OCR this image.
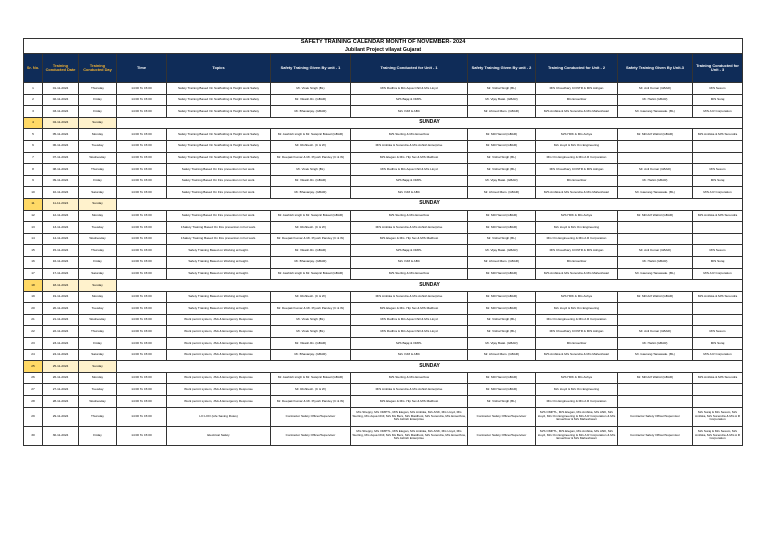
SAFETY TRAINING CALENDAR MONTH OF NOVEMBER- 2024										
Jubilant Project vilayat Gujarat										
Sr. No.	Training Conducted Date	Training Conducted Day	Time	Topics	Safety Training Given By unit - 1	Training Conducted for Unit - 1	Safety Training Given By unit - 2	Training Conducted for Unit - 2	Safety Training Given By Unit-3	Training Conducted for Unit - 3
1	01-11-2024	Thursday	14:00 To 15:00	Safety Training Based On Scaffolding & Height work Safety	Mr. Vivek Singh (BL)	M/S Rudhra & M/s Aqua Chill & M/s Lloyd	Mr. Vishal Singh (BL)	M/S Choudhary CONTR & M/S Ashgan	Mr. Anil Kumar (GBAR)	M/S Sesum
2	02-11-2024	Friday	14:00 To 15:00	Safety Training Based On Scaffolding & Height work Safety	Mr. Vikash.Rv. (GBAR)	M/S Bajaj & OMPL	Mr. Vijay Batal. (GBAR)	M/s Ensertfow	Mr. Harkit (GBAR)	M/S Suraj
3	03-11-2024	Friday	14:00 To 15:00	Safety Training Based On Scaffolding & Height work Safety	Mr. Bhavanjay. (GBAR)	M/s VJM & ABC	Mr. Ahmed Mam. (GBAR)	M/S Ambika & M/s Surendra & M/s Maheshwari	Mr. Gaurang Tanawade. (BL)	M/S A R Corporation
4	04-11-2024	Sunday	SUNDAY							
5	05-11-2024	Monday	14:00 To 15:00	Safety Training Based On Scaffolding & Height work Safety	Mr. Aashish singh & Mr. Swapnil Bokad (GBAR)	M/S Sterling & M/s Ensertfow	Mr. Mill Hamid (GBAR)	M/S HRK & M/s Ashya	Mr. Mill Arif Wahid (GBAR)	M/S Ambika & M/S Surendra
6	06-11-2024	Tuesday	14:00 To 15:00	Safety Training Based On Scaffolding & Height work Safety	Mr. Rishbesh. (C & W)	M/S Ambika & Surendra & M/s Ashish Enterprise	Mr. Mill Hamid (GBAR)	M/s Lloyd & M/s Om Engineering		
7	07-11-2024	Wednesday	14:00 To 15:00	Safety Training Based On Scaffolding & Height work Safety	Mr. Deepak Kumar & Mr. Piyush Pandey (C & W)	M/S Elegan & M/s. Hip Set & M/S Mailhost	Mr. Vishal Singh (BL)	M/s Om Engineering & M/s A R Corporation		
8	08-11-2024	Thursday	14:00 To 15:00	Safety Training Based On Fire prevention in hot work.	Mr. Vivek Singh (BL)	M/S Rudhra & M/s Aqua Chill & M/s Lloyd	Mr. Vishal Singh (BL)	M/S Choudhary CONTR & M/S Ashgan	Mr. Anil Kumar (GBAR)	M/S Sesum
9	09-11-2024	Friday	14:00 To 15:00	Safety Training Based On Fire prevention in hot work.	Mr. Vikash.Rv. (GBAR)	M/S Bajaj & OMPL	Mr. Vijay Batal. (GBAR)	M/s Ensertfow	Mr. Harkit (GBAR)	M/S Suraj
10	10-11-2024	Saturday	14:00 To 15:00	Safety Training Based On Fire prevention in hot work.	Mr. Bhavanjay. (GBAR)	M/s VJM & ABC	Mr. Ahmed Mam. (GBAR)	M/S Ambika & M/s Surendra & M/s Maheshwari	Mr. Gaurang Tanawade. (BL)	M/S A R Corporation
11	11-11-2024	Sunday	SUNDAY							
12	12-11-2024	Monday	14:00 To 15:00	Safety Training Based On Fire prevention in hot work.	Mr. Aashish singh & Mr. Swapnil Bokad (GBAR)	M/S Sterling & M/s Ensertfow	Mr. Mill Hamid (GBAR)	M/S HRK & M/s Ashya	Mr. Mill Arif Wahid (GBAR)	M/S Ambika & M/S Surendra
13	13-11-2024	Tuesday	14:00 To 15:00	1Safety Training Based On Fire prevention in hot work.	Mr. Rishbesh. (C & W)	M/S Ambika & Surendra & M/s Ashish Enterprise	Mr. Mill Hamid (GBAR)	M/s Lloyd & M/s Om Engineering		
14	14-11-2024	Wednesday	14:00 To 15:00	1Safety Training Based On Fire prevention in hot work.	Mr. Deepak Kumar & Mr. Piyush Pandey (C & W)	M/S Elegan & M/s. Hip Set & M/S Mailhost	Mr. Vishal Singh (BL)	M/s Om Engineering & M/s A R Corporation		
15	15-11-2024	Thursday	14:00 To 15:00	Safety Training Based on Working at height.	Mr. Vikash.Rv. (GBAR)	M/S Bajaj & OMPL	Mr. Vijay Batal. (GBAR)	M/S Choudhary CONTR & M/S Ashgan	Mr. Anil Kumar (GBAR)	M/S Sesum
16	16-11-2024	Friday	14:00 To 15:00	Safety Training Based on Working at height.	Mr. Bhavanjay. (GBAR)	M/s VJM & ABC	Mr. Ahmed Mam. (GBAR)	M/s Ensertfow	Mr. Harkit (GBAR)	M/S Suraj
17	17-11-2024	Saturday	14:00 To 15:00	Safety Training Based on Working at height.	Mr. Aashish singh & Mr. Swapnil Bokad (GBAR)	M/S Sterling & M/s Ensertfow	Mr. Mill Hamid (GBAR)	M/S Ambika & M/s Surendra & M/s Maheshwari	Mr. Gaurang Tanawade. (BL)	M/S A R Corporation
18	18-11-2024	Sunday	SUNDAY							
19	19-11-2024	Monday	14:00 To 15:00	Safety Training Based on Working at height.	Mr. Rishbesh. (C & W)	M/S Ambika & Surendra & M/s Ashish Enterprise	Mr. Mill Hamid (GBAR)	M/S HRK & M/s Ashya	Mr. Mill Arif Wahid (GBAR)	M/S Ambika & M/S Surendra
20	20-11-2024	Tuesday	14:00 To 15:00	Safety Training Based on Working at height.	Mr. Deepak Kumar & Mr. Piyush Pandey (C & W)	M/S Elegan & M/s. Hip Set & M/S Mailhost	Mr. Mill Hamid (GBAR)	M/s Lloyd & M/s Om Engineering		
21	21-11-2024	Wednesday	14:00 To 15:00	Work permit system, JSA & Emergency Response	Mr. Vivek Singh (BL)	M/S Rudhra & M/s Aqua Chill & M/s Lloyd	Mr. Vishal Singh (BL)	M/s Om Engineering & M/s A R Corporation		
22	22-11-2024	Thursday	14:00 To 15:00	Work permit system, JSA & Emergency Response	Mr. Vivek Singh (BL)	M/S Rudhra & M/s Aqua Chill & M/s Lloyd	Mr. Vishal Singh (BL)	M/S Choudhary CONTR & M/S Ashgan	Mr. Anil Kumar (GBAR)	M/S Sesum
23	23-11-2024	Friday	14:00 To 15:00	Work permit system, JSA & Emergency Response	Mr. Vikash.Rv. (GBAR)	M/S Bajaj & OMPL	Mr. Vijay Batal. (GBAR)	M/s Ensertfow	Mr. Harkit (GBAR)	M/S Suraj
24	24-11-2024	Saturday	14:00 To 15:00	Work permit system, JSA & Emergency Response	Mr. Bhavanjay. (GBAR)	M/s VJM & ABC	Mr. Ahmed Mam. (GBAR)	M/S Ambika & M/s Surendra & M/s Maheshwari	Mr. Gaurang Tanawade. (BL)	M/S A R Corporation
25	25-11-2024	Sunday	SUNDAY							
26	26-11-2024	Monday	14:00 To 15:00	Work permit system, JSA & Emergency Response	Mr. Aashish singh & Mr. Swapnil Bokad (GBAR)	M/S Sterling & M/s Ensertfow	Mr. Mill Hamid (GBAR)	M/S HRK & M/s Ashya	Mr. Mill Arif Wahid (GBAR)	M/S Ambika & M/S Surendra
27	27-11-2024	Tuesday	14:00 To 15:00	Work permit system, JSA & Emergency Response	Mr. Rishbesh. (C & W)	M/S Ambika & Surendra & M/s Ashish Enterprise	Mr. Mill Hamid (GBAR)	M/s Lloyd & M/s Om Engineering		
28	28-11-2024	Wednesday	14:00 To 15:00	Work permit system, JSA & Emergency Response	Mr. Deepak Kumar & Mr. Piyush Pandey (C & W)	M/S Elegan & M/s. Hip Set & M/S Mailhost	Mr. Vishal Singh (BL)	M/s Om Engineering & M/s A R Corporation		
29	29-11-2024	Thursday	14:00 To 15:00	LO LOO (Life Saving Rules)	Contractor Safety Officer/Supervisor	M/s Sheppy, M/s OMPTL, M/S Elegan, M/s Ambika, M/s ANK, M/s Lloyd, M/s Sterling, M/s Aqua Chill, M/s Ms Bers, M/s Maidhost, M/s Surendra, M/s Ensertfow, M/s Ashish Enterprise	Contractor Safety Officer/Supervisor	M/S OMPTL, M/S Elegan, M/s Ambika, M/s ANK, M/s Lloyd, M/s Om Engineering & M/s A R Corporation & M/s Ensertfow & M/s Maheshwari	Contractor Safety Officer/Supervisor	M/s Suraj & M/s Sesum, M/s Ambika, M/s Surendra & M/s A R Corporation
30	30-11-2024	Friday	14:00 To 15:00	Electrical Safety	Contractor Safety Officer/Supervisor	M/s Sheppy, M/s OMPTL, M/S Elegan, M/s Ambika, M/s ANK, M/s Lloyd, M/s Sterling, M/s Aqua Chill, M/s Ms Bers, M/s Maidhost, M/s Surendra, M/s Ensertfow, M/s Ashish Enterprise	Contractor Safety Officer/Supervisor	M/S OMPTL, M/S Elegan, M/s Ambika, M/s ANK, M/s Lloyd, M/s Om Engineering & M/s A R Corporation & M/s Ensertfow & M/s Maheshwari	Contractor Safety Officer/Supervisor	M/s Suraj & M/s Sesum, M/s Ambika, M/s Surendra & M/s A R Corporation
